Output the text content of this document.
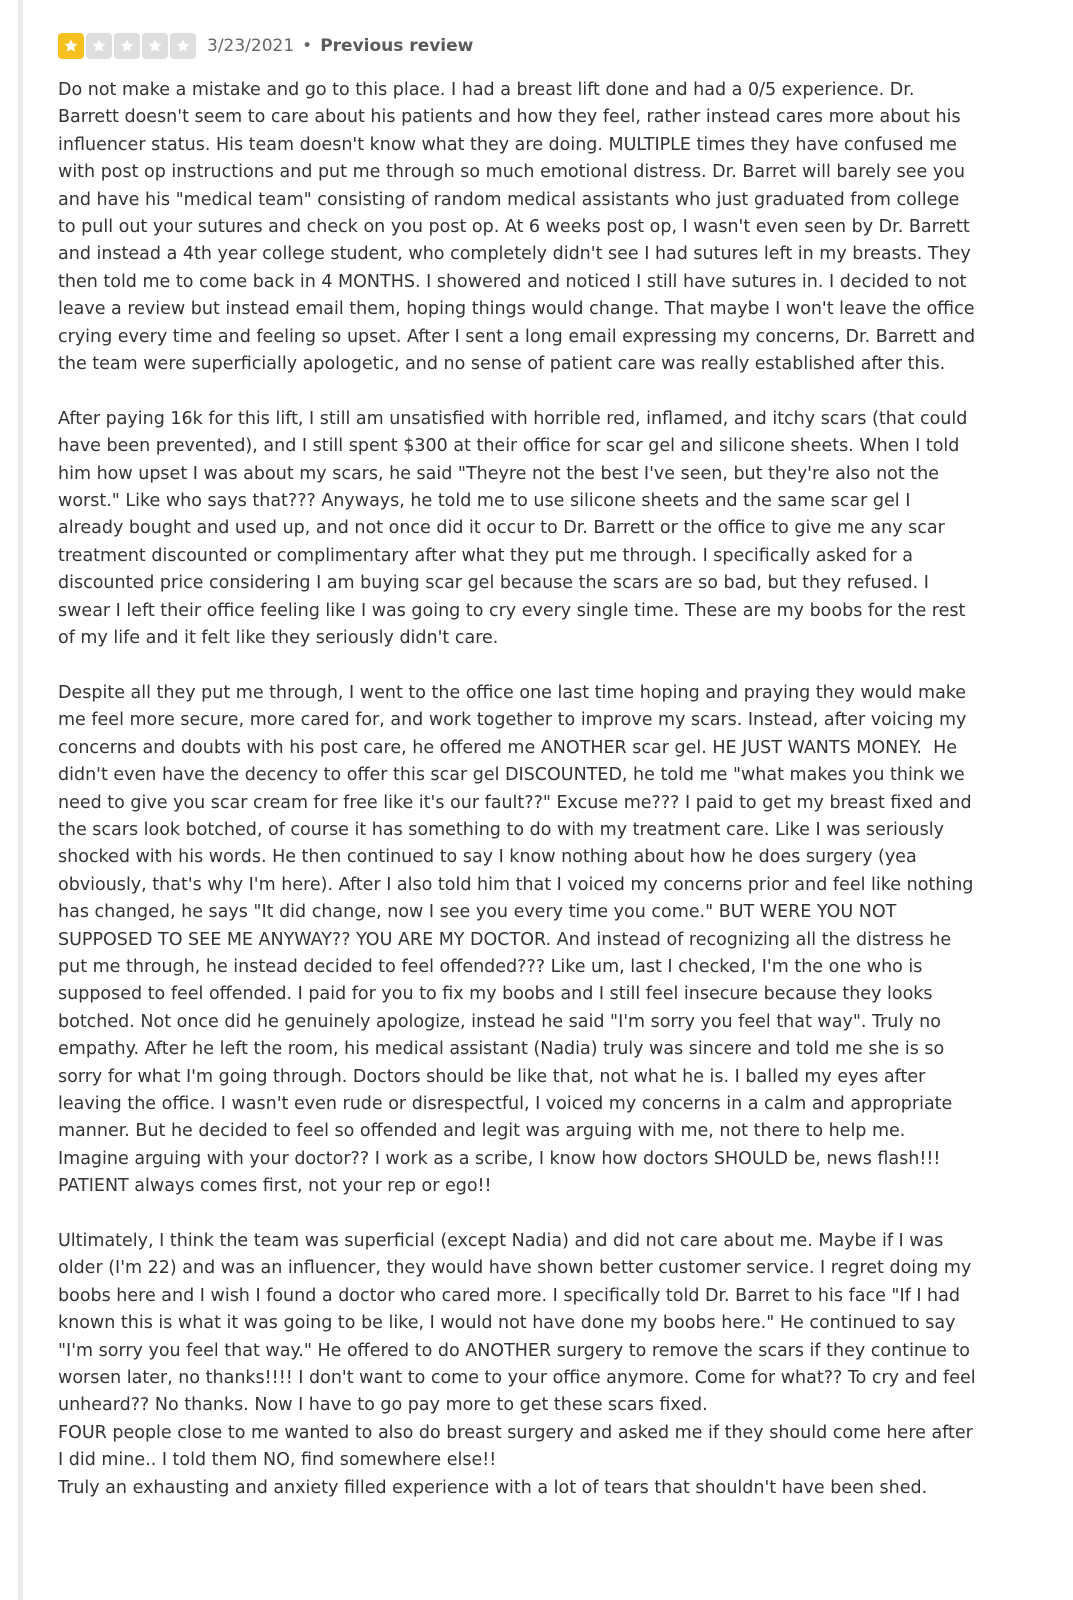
3/23/2021 • Previous review

Do not make a mistake and go to this place. I had a breast lift done and had a 0/5 experience. Dr. Barrett doesn't seem to care about his patients and how they feel, rather instead cares more about his influencer status. His team doesn't know what they are doing. MULTIPLE times they have confused me with post op instructions and put me through so much emotional distress. Dr. Barret will barely see you and have his "medical team" consisting of random medical assistants who just graduated from college to pull out your sutures and check on you post op. At 6 weeks post op, I wasn't even seen by Dr. Barrett and instead a 4th year college student, who completely didn't see I had sutures left in my breasts. They then told me to come back in 4 MONTHS. I showered and noticed I still have sutures in. I decided to not leave a review but instead email them, hoping things would change. That maybe I won't leave the office crying every time and feeling so upset. After I sent a long email expressing my concerns, Dr. Barrett and the team were superficially apologetic, and no sense of patient care was really established after this.

After paying 16k for this lift, I still am unsatisfied with horrible red, inflamed, and itchy scars (that could have been prevented), and I still spent $300 at their office for scar gel and silicone sheets. When I told him how upset I was about my scars, he said "Theyre not the best I've seen, but they're also not the worst." Like who says that??? Anyways, he told me to use silicone sheets and the same scar gel I already bought and used up, and not once did it occur to Dr. Barrett or the office to give me any scar treatment discounted or complimentary after what they put me through. I specifically asked for a discounted price considering I am buying scar gel because the scars are so bad, but they refused. I swear I left their office feeling like I was going to cry every single time. These are my boobs for the rest of my life and it felt like they seriously didn't care.

Despite all they put me through, I went to the office one last time hoping and praying they would make me feel more secure, more cared for, and work together to improve my scars. Instead, after voicing my concerns and doubts with his post care, he offered me ANOTHER scar gel. HE JUST WANTS MONEY.  He didn't even have the decency to offer this scar gel DISCOUNTED, he told me "what makes you think we need to give you scar cream for free like it's our fault??" Excuse me??? I paid to get my breast fixed and the scars look botched, of course it has something to do with my treatment care. Like I was seriously shocked with his words. He then continued to say I know nothing about how he does surgery (yea obviously, that's why I'm here). After I also told him that I voiced my concerns prior and feel like nothing has changed, he says "It did change, now I see you every time you come." BUT WERE YOU NOT  SUPPOSED TO SEE ME ANYWAY?? YOU ARE MY DOCTOR. And instead of recognizing all the distress he put me through, he instead decided to feel offended??? Like um, last I checked, I'm the one who is supposed to feel offended. I paid for you to fix my boobs and I still feel insecure because they looks botched. Not once did he genuinely apologize, instead he said "I'm sorry you feel that way". Truly no empathy. After he left the room, his medical assistant (Nadia) truly was sincere and told me she is so sorry for what I'm going through. Doctors should be like that, not what he is. I balled my eyes after leaving the office. I wasn't even rude or disrespectful, I voiced my concerns in a calm and appropriate manner. But he decided to feel so offended and legit was arguing with me, not there to help me. Imagine arguing with your doctor?? I work as a scribe, I know how doctors SHOULD be, news flash!!! PATIENT always comes first, not your rep or ego!!

Ultimately, I think the team was superficial (except Nadia) and did not care about me. Maybe if I was older (I'm 22) and was an influencer, they would have shown better customer service. I regret doing my boobs here and I wish I found a doctor who cared more. I specifically told Dr. Barret to his face "If I had known this is what it was going to be like, I would not have done my boobs here." He continued to say "I'm sorry you feel that way." He offered to do ANOTHER surgery to remove the scars if they continue to worsen later, no thanks!!!! I don't want to come to your office anymore. Come for what?? To cry and feel unheard?? No thanks. Now I have to go pay more to get these scars fixed.

FOUR people close to me wanted to also do breast surgery and asked me if they should come here after I did mine.. I told them NO, find somewhere else!!

Truly an exhausting and anxiety filled experience with a lot of tears that shouldn't have been shed.
